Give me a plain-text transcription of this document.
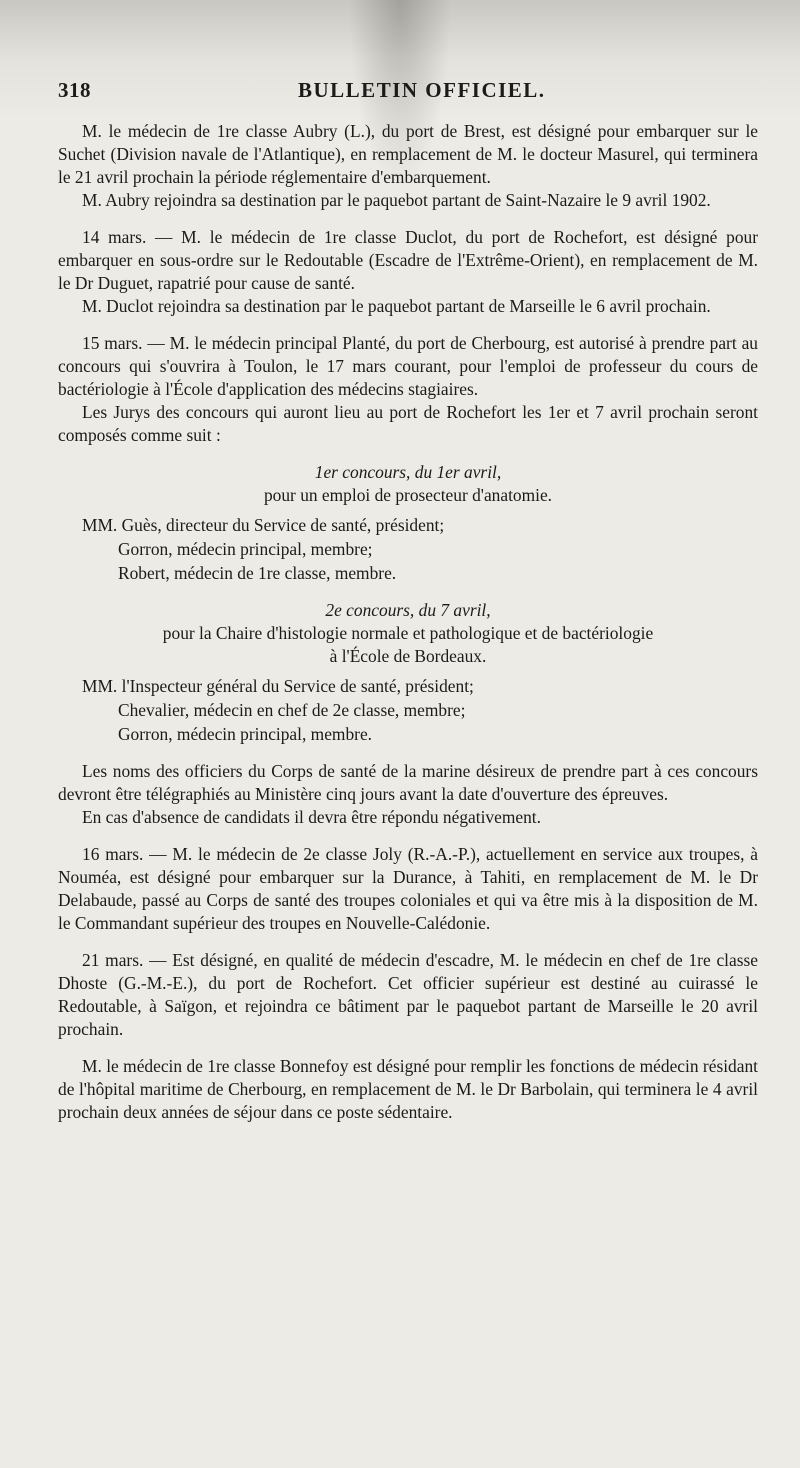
318	BULLETIN OFFICIEL.

M. le médecin de 1re classe Aubry (L.), du port de Brest, est désigné pour embarquer sur le Suchet (Division navale de l'Atlantique), en remplacement de M. le docteur Masurel, qui terminera le 21 avril prochain la période réglementaire d'embarquement.

M. Aubry rejoindra sa destination par le paquebot partant de Saint-Nazaire le 9 avril 1902.

14 mars. — M. le médecin de 1re classe Duclot, du port de Rochefort, est désigné pour embarquer en sous-ordre sur le Redoutable (Escadre de l'Extrême-Orient), en remplacement de M. le Dr Duguet, rapatrié pour cause de santé.

M. Duclot rejoindra sa destination par le paquebot partant de Marseille le 6 avril prochain.

15 mars. — M. le médecin principal Planté, du port de Cherbourg, est autorisé à prendre part au concours qui s'ouvrira à Toulon, le 17 mars courant, pour l'emploi de professeur du cours de bactériologie à l'École d'application des médecins stagiaires.

Les Jurys des concours qui auront lieu au port de Rochefort les 1er et 7 avril prochain seront composés comme suit :

1er concours, du 1er avril,

pour un emploi de prosecteur d'anatomie.

MM. Guès, directeur du Service de santé, président;
Gorron, médecin principal, membre;
Robert, médecin de 1re classe, membre.

2e concours, du 7 avril,

pour la Chaire d'histologie normale et pathologique et de bactériologie

à l'École de Bordeaux.

MM. l'Inspecteur général du Service de santé, président;
Chevalier, médecin en chef de 2e classe, membre;
Gorron, médecin principal, membre.

Les noms des officiers du Corps de santé de la marine désireux de prendre part à ces concours devront être télégraphiés au Ministère cinq jours avant la date d'ouverture des épreuves.

En cas d'absence de candidats il devra être répondu négativement.

16 mars. — M. le médecin de 2e classe Joly (R.-A.-P.), actuellement en service aux troupes, à Nouméa, est désigné pour embarquer sur la Durance, à Tahiti, en remplacement de M. le Dr Delabaude, passé au Corps de santé des troupes coloniales et qui va être mis à la disposition de M. le Commandant supérieur des troupes en Nouvelle-Calédonie.

21 mars. — Est désigné, en qualité de médecin d'escadre, M. le médecin en chef de 1re classe Dhoste (G.-M.-E.), du port de Rochefort. Cet officier supérieur est destiné au cuirassé le Redoutable, à Saïgon, et rejoindra ce bâtiment par le paquebot partant de Marseille le 20 avril prochain.

M. le médecin de 1re classe Bonnefoy est désigné pour remplir les fonctions de médecin résidant de l'hôpital maritime de Cherbourg, en remplacement de M. le Dr Barbolain, qui terminera le 4 avril prochain deux années de séjour dans ce poste sédentaire.
